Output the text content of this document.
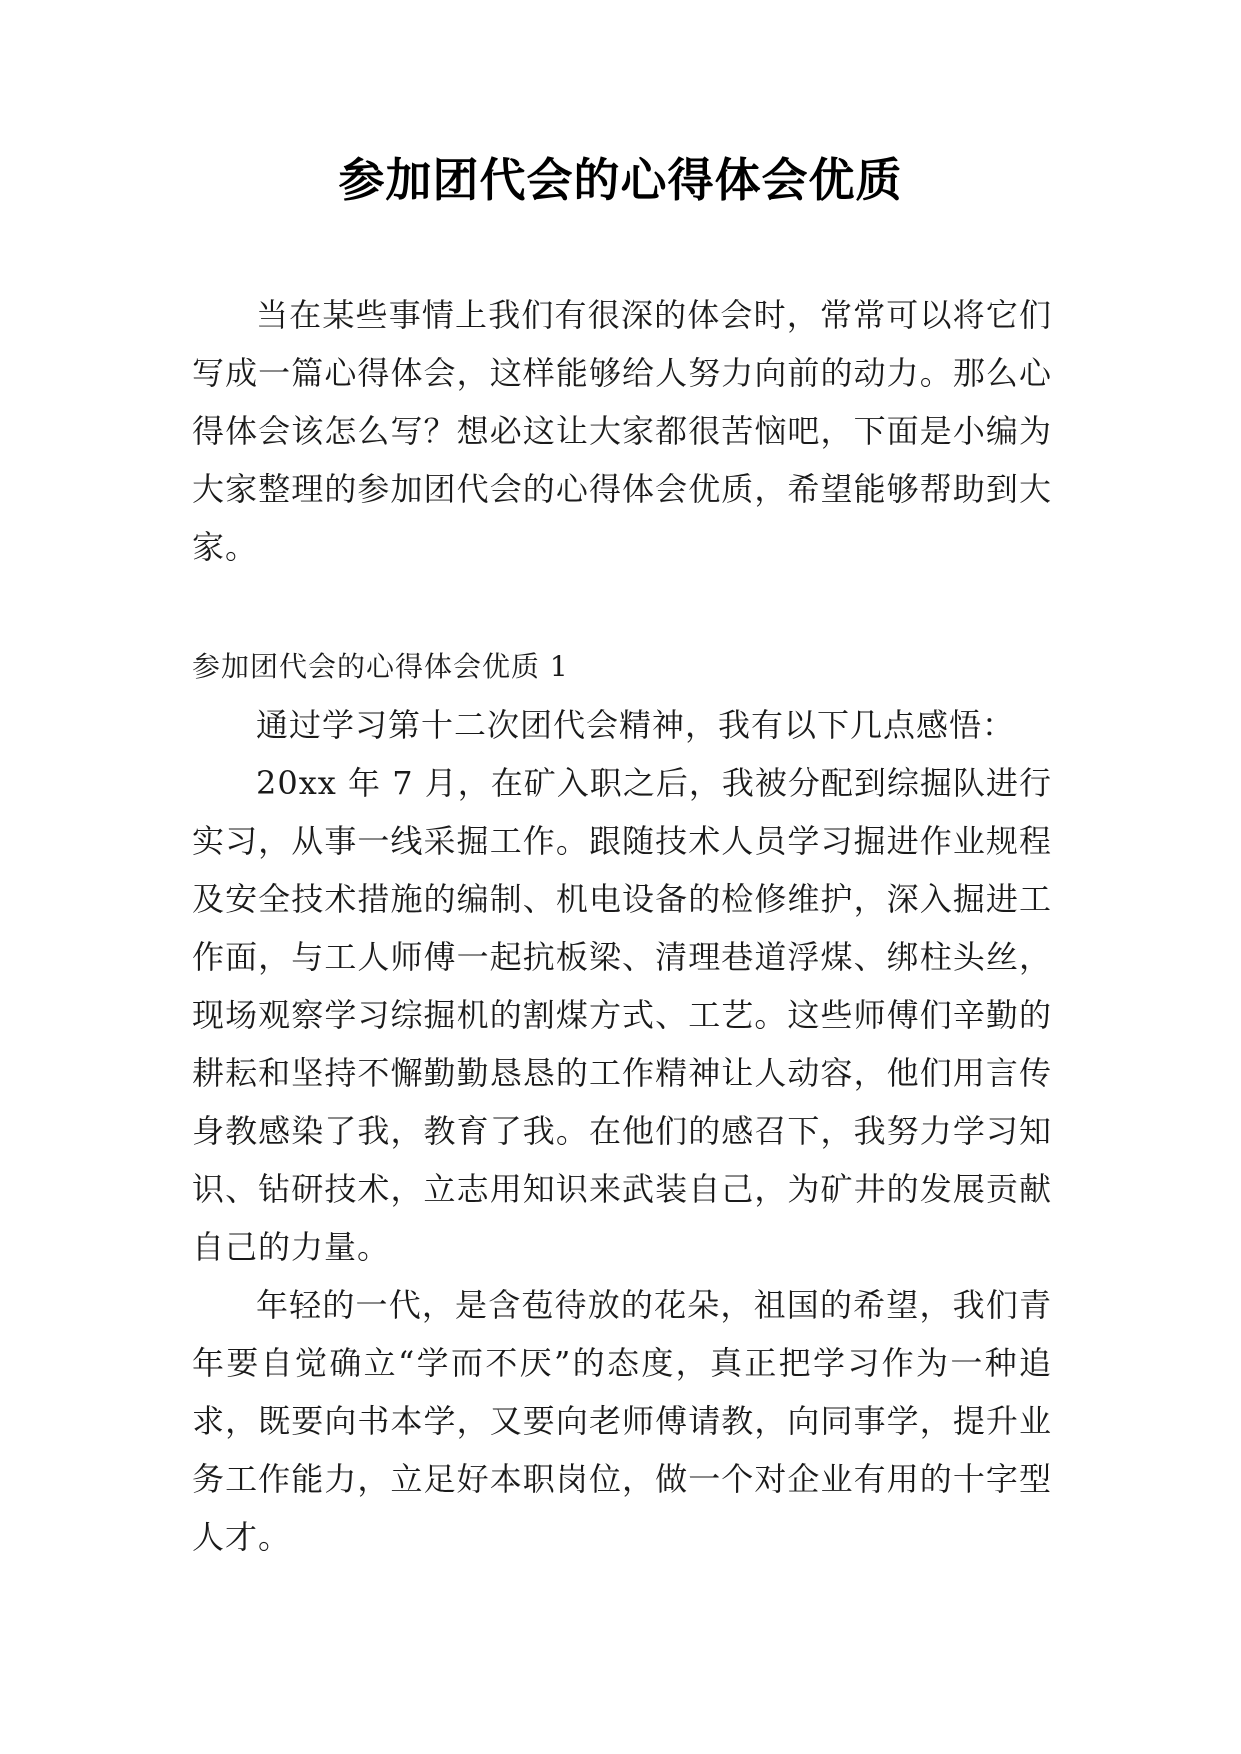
参加团代会的心得体会优质

当在某些事情上我们有很深的体会时，常常可以将它们写成一篇心得体会，这样能够给人努力向前的动力。那么心得体会该怎么写？想必这让大家都很苦恼吧，下面是小编为大家整理的参加团代会的心得体会优质，希望能够帮助到大家。

参加团代会的心得体会优质 1

通过学习第十二次团代会精神，我有以下几点感悟：

20xx 年 7 月，在矿入职之后，我被分配到综掘队进行实习，从事一线采掘工作。跟随技术人员学习掘进作业规程及安全技术措施的编制、机电设备的检修维护，深入掘进工作面，与工人师傅一起抗板梁、清理巷道浮煤、绑柱头丝，现场观察学习综掘机的割煤方式、工艺。这些师傅们辛勤的耕耘和坚持不懈勤勤恳恳的工作精神让人动容，他们用言传身教感染了我，教育了我。在他们的感召下，我努力学习知识、钻研技术，立志用知识来武装自己，为矿井的发展贡献自己的力量。

年轻的一代，是含苞待放的花朵，祖国的希望，我们青年要自觉确立“学而不厌”的态度，真正把学习作为一种追求，既要向书本学，又要向老师傅请教，向同事学，提升业务工作能力，立足好本职岗位，做一个对企业有用的十字型人才。
